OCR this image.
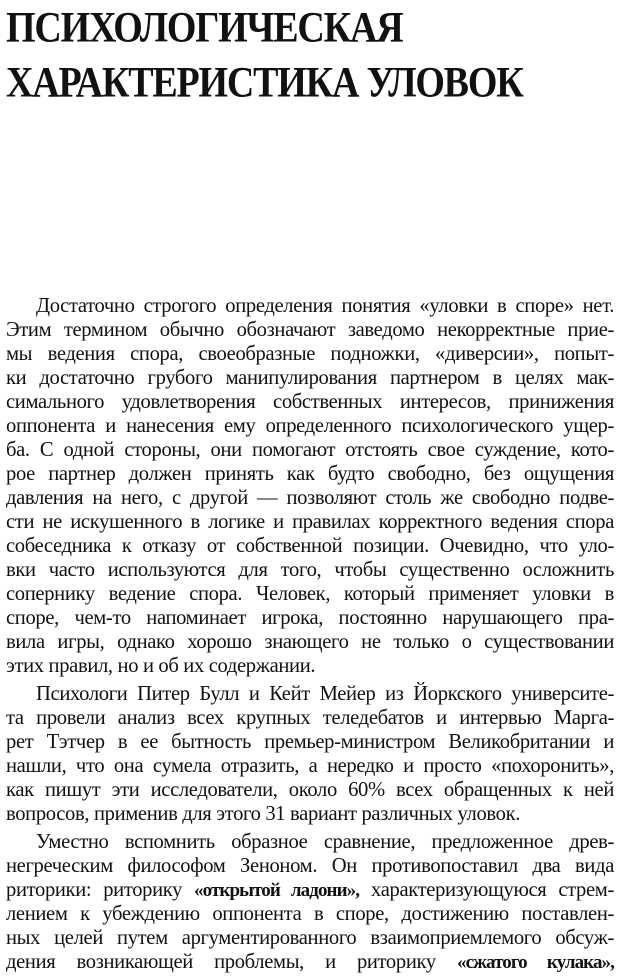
ПСИХОЛОГИЧЕСКАЯ
ХАРАКТЕРИСТИКА УЛОВОК

Достаточно строгого определения понятия «уловки в споре» нет.
Этим термином обычно обозначают заведомо некорректные прие-
мы ведения спора, своеобразные подножки, «диверсии», попыт-
ки достаточно грубого манипулирования партнером в целях мак-
симального удовлетворения собственных интересов, принижения
оппонента и нанесения ему определенного психологического ущер-
ба. С одной стороны, они помогают отстоять свое суждение, кото-
рое партнер должен принять как будто свободно, без ощущения
давления на него, с другой — позволяют столь же свободно подве-
сти не искушенного в логике и правилах корректного ведения спора
собеседника к отказу от собственной позиции. Очевидно, что уло-
вки часто используются для того, чтобы существенно осложнить
сопернику ведение спора. Человек, который применяет уловки в
споре, чем-то напоминает игрока, постоянно нарушающего пра-
вила игры, однако хорошо знающего не только о существовании
этих правил, но и об их содержании.

Психологи Питер Булл и Кейт Мейер из Йоркского университе-
та провели анализ всех крупных теледебатов и интервью Марга-
рет Тэтчер в ее бытность премьер-министром Великобритании и
нашли, что она сумела отразить, а нередко и просто «похоронить»,
как пишут эти исследователи, около 60% всех обращенных к ней
вопросов, применив для этого 31 вариант различных уловок.

Уместно вспомнить образное сравнение, предложенное древ-
негреческим философом Зеноном. Он противопоставил два вида
риторики: риторику «открытой ладони», характеризующуюся стрем-
лением к убеждению оппонента в споре, достижению поставлен-
ных целей путем аргументированного взаимоприемлемого обсуж-
дения возникающей проблемы, и риторику «сжатого кулака»,
